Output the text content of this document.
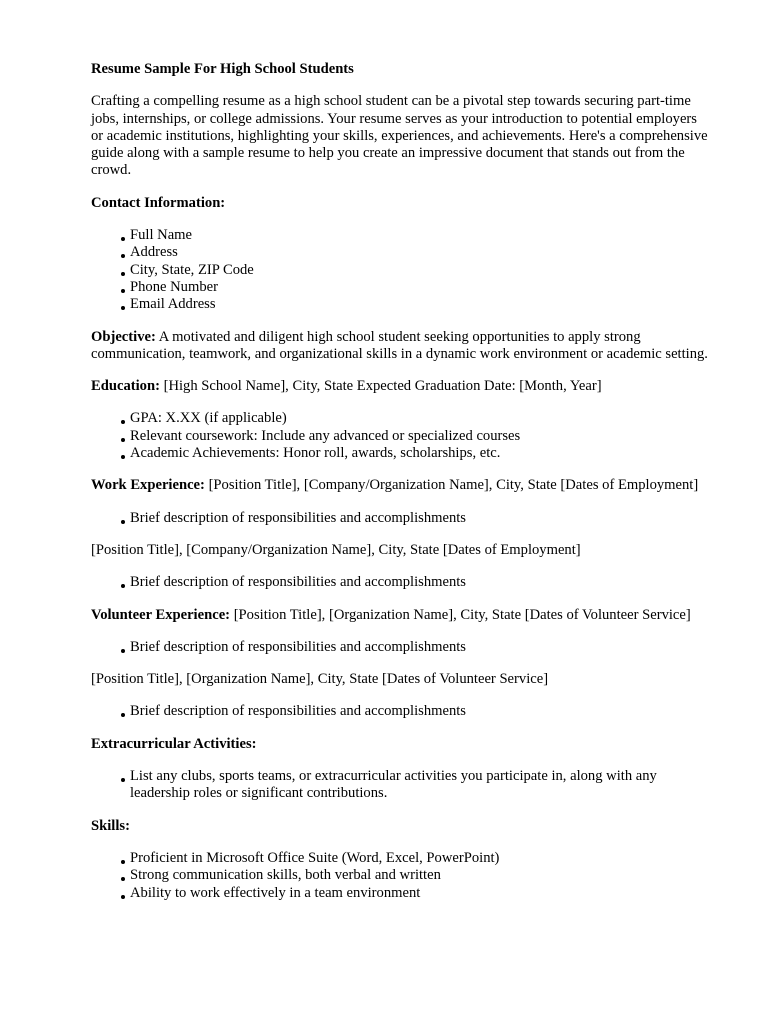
Resume Sample For High School Students

Crafting a compelling resume as a high school student can be a pivotal step towards securing part-time jobs, internships, or college admissions. Your resume serves as your introduction to potential employers or academic institutions, highlighting your skills, experiences, and achievements. Here's a comprehensive guide along with a sample resume to help you create an impressive document that stands out from the crowd.

Contact Information:
Full Name
Address
City, State, ZIP Code
Phone Number
Email Address

Objective: A motivated and diligent high school student seeking opportunities to apply strong communication, teamwork, and organizational skills in a dynamic work environment or academic setting.

Education: [High School Name], City, State Expected Graduation Date: [Month, Year]

GPA: X.XX (if applicable)
Relevant coursework: Include any advanced or specialized courses
Academic Achievements: Honor roll, awards, scholarships, etc.

Work Experience: [Position Title], [Company/Organization Name], City, State [Dates of Employment]

Brief description of responsibilities and accomplishments

[Position Title], [Company/Organization Name], City, State [Dates of Employment]

Brief description of responsibilities and accomplishments

Volunteer Experience: [Position Title], [Organization Name], City, State [Dates of Volunteer Service]

Brief description of responsibilities and accomplishments

[Position Title], [Organization Name], City, State [Dates of Volunteer Service]

Brief description of responsibilities and accomplishments
Extracurricular Activities:
List any clubs, sports teams, or extracurricular activities you participate in, along with any leadership roles or significant contributions.
Skills:
Proficient in Microsoft Office Suite (Word, Excel, PowerPoint)
Strong communication skills, both verbal and written
Ability to work effectively in a team environment
